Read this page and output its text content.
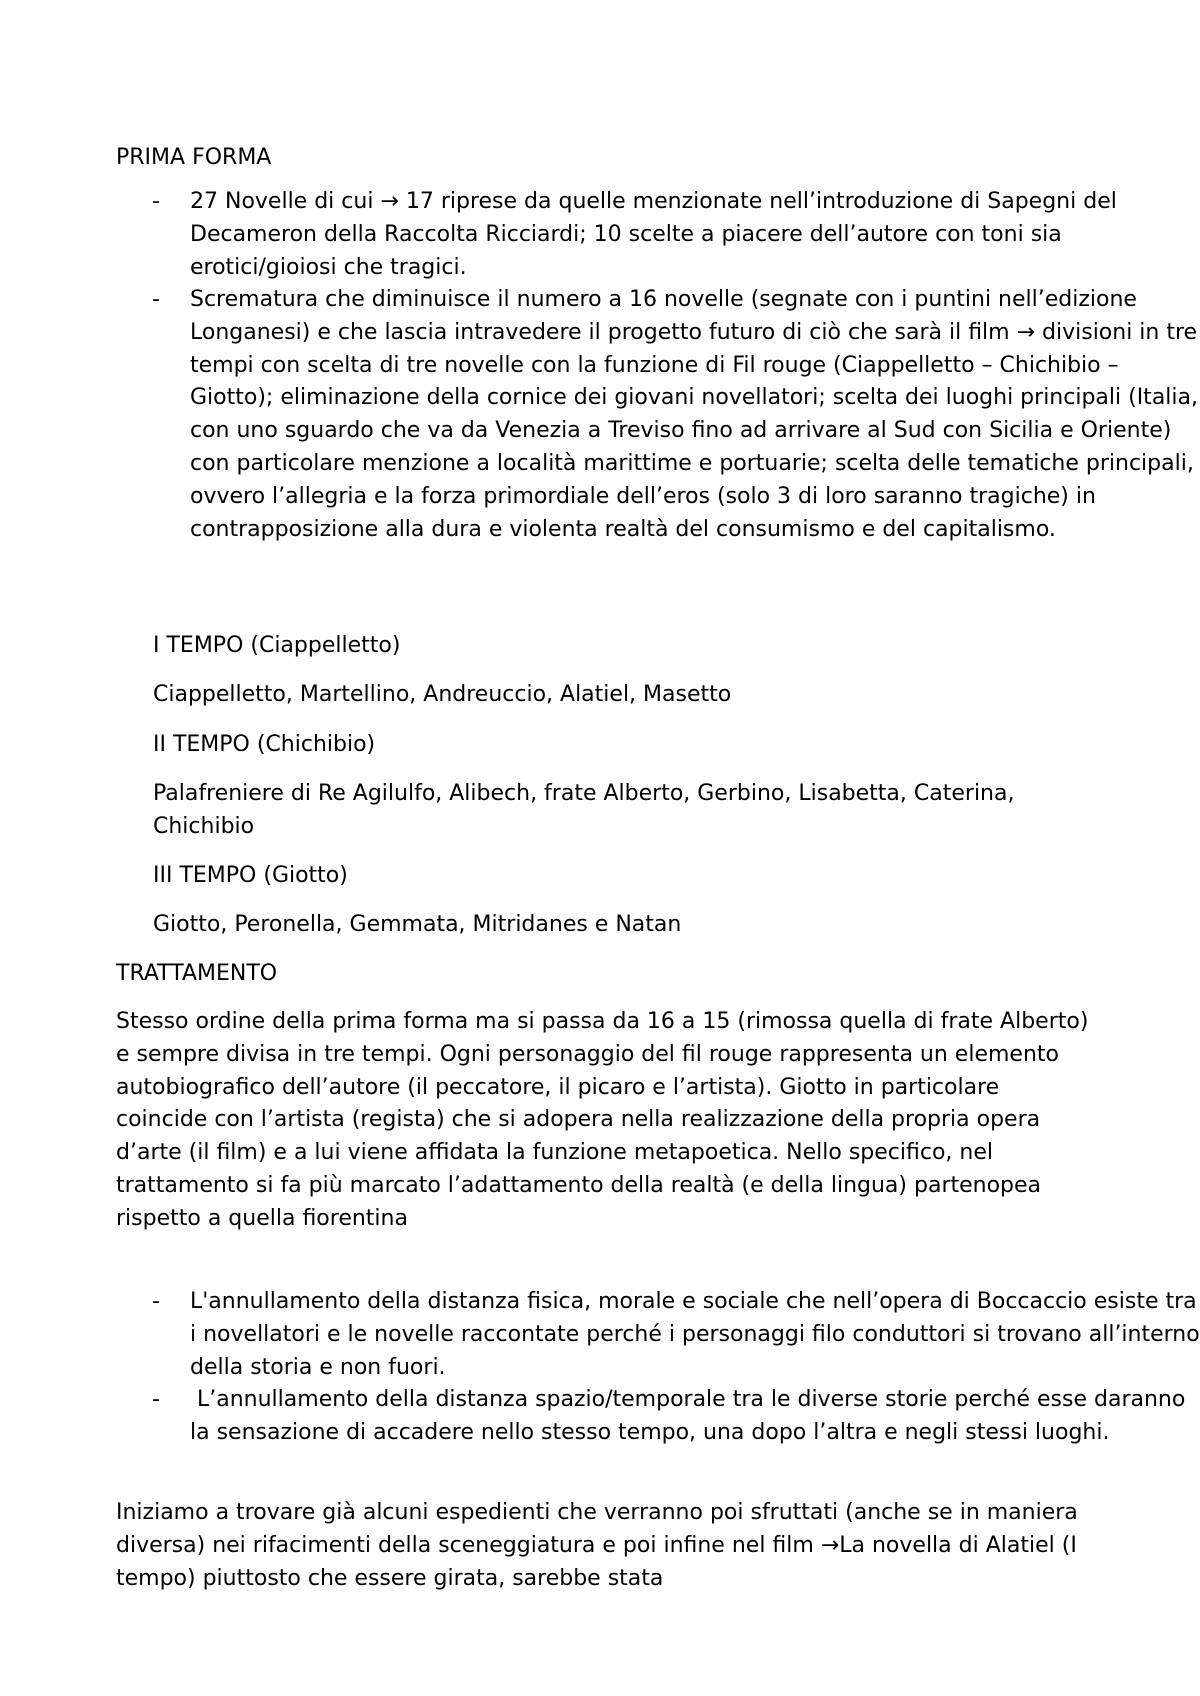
PRIMA FORMA
- 27 Novelle di cui → 17 riprese da quelle menzionate nell’introduzione di Sapegni del Decameron della Raccolta Ricciardi; 10 scelte a piacere dell’autore con toni sia erotici/gioiosi che tragici.
- Scrematura che diminuisce il numero a 16 novelle (segnate con i puntini nell’edizione Longanesi) e che lascia intravedere il progetto futuro di ciò che sarà il film → divisioni in tre tempi con scelta di tre novelle con la funzione di Fil rouge (Ciappelletto – Chichibio – Giotto); eliminazione della cornice dei giovani novellatori; scelta dei luoghi principali (Italia, con uno sguardo che va da Venezia a Treviso fino ad arrivare al Sud con Sicilia e Oriente) con particolare menzione a località marittime e portuarie; scelta delle tematiche principali, ovvero l’allegria e la forza primordiale dell’eros (solo 3 di loro saranno tragiche) in contrapposizione alla dura e violenta realtà del consumismo e del capitalismo.
I TEMPO (Ciappelletto)
Ciappelletto, Martellino, Andreuccio, Alatiel, Masetto
II TEMPO (Chichibio)
Palafreniere di Re Agilulfo, Alibech, frate Alberto, Gerbino, Lisabetta, Caterina, Chichibio
III TEMPO (Giotto)
Giotto, Peronella, Gemmata, Mitridanes e Natan
TRATTAMENTO
Stesso ordine della prima forma ma si passa da 16 a 15 (rimossa quella di frate Alberto) e sempre divisa in tre tempi. Ogni personaggio del fil rouge rappresenta un elemento autobiografico dell’autore (il peccatore, il picaro e l’artista). Giotto in particolare coincide con l’artista (regista) che si adopera nella realizzazione della propria opera d’arte (il film) e a lui viene affidata la funzione metapoetica. Nello specifico, nel trattamento si fa più marcato l’adattamento della realtà (e della lingua) partenopea rispetto a quella fiorentina
- L'annullamento della distanza fisica, morale e sociale che nell’opera di Boccaccio esiste tra i novellatori e le novelle raccontate perché i personaggi filo conduttori si trovano all’interno della storia e non fuori.
- L’annullamento della distanza spazio/temporale tra le diverse storie perché esse daranno la sensazione di accadere nello stesso tempo, una dopo l’altra e negli stessi luoghi.
Iniziamo a trovare già alcuni espedienti che verranno poi sfruttati (anche se in maniera diversa) nei rifacimenti della sceneggiatura e poi infine nel film →La novella di Alatiel (I tempo) piuttosto che essere girata, sarebbe stata
